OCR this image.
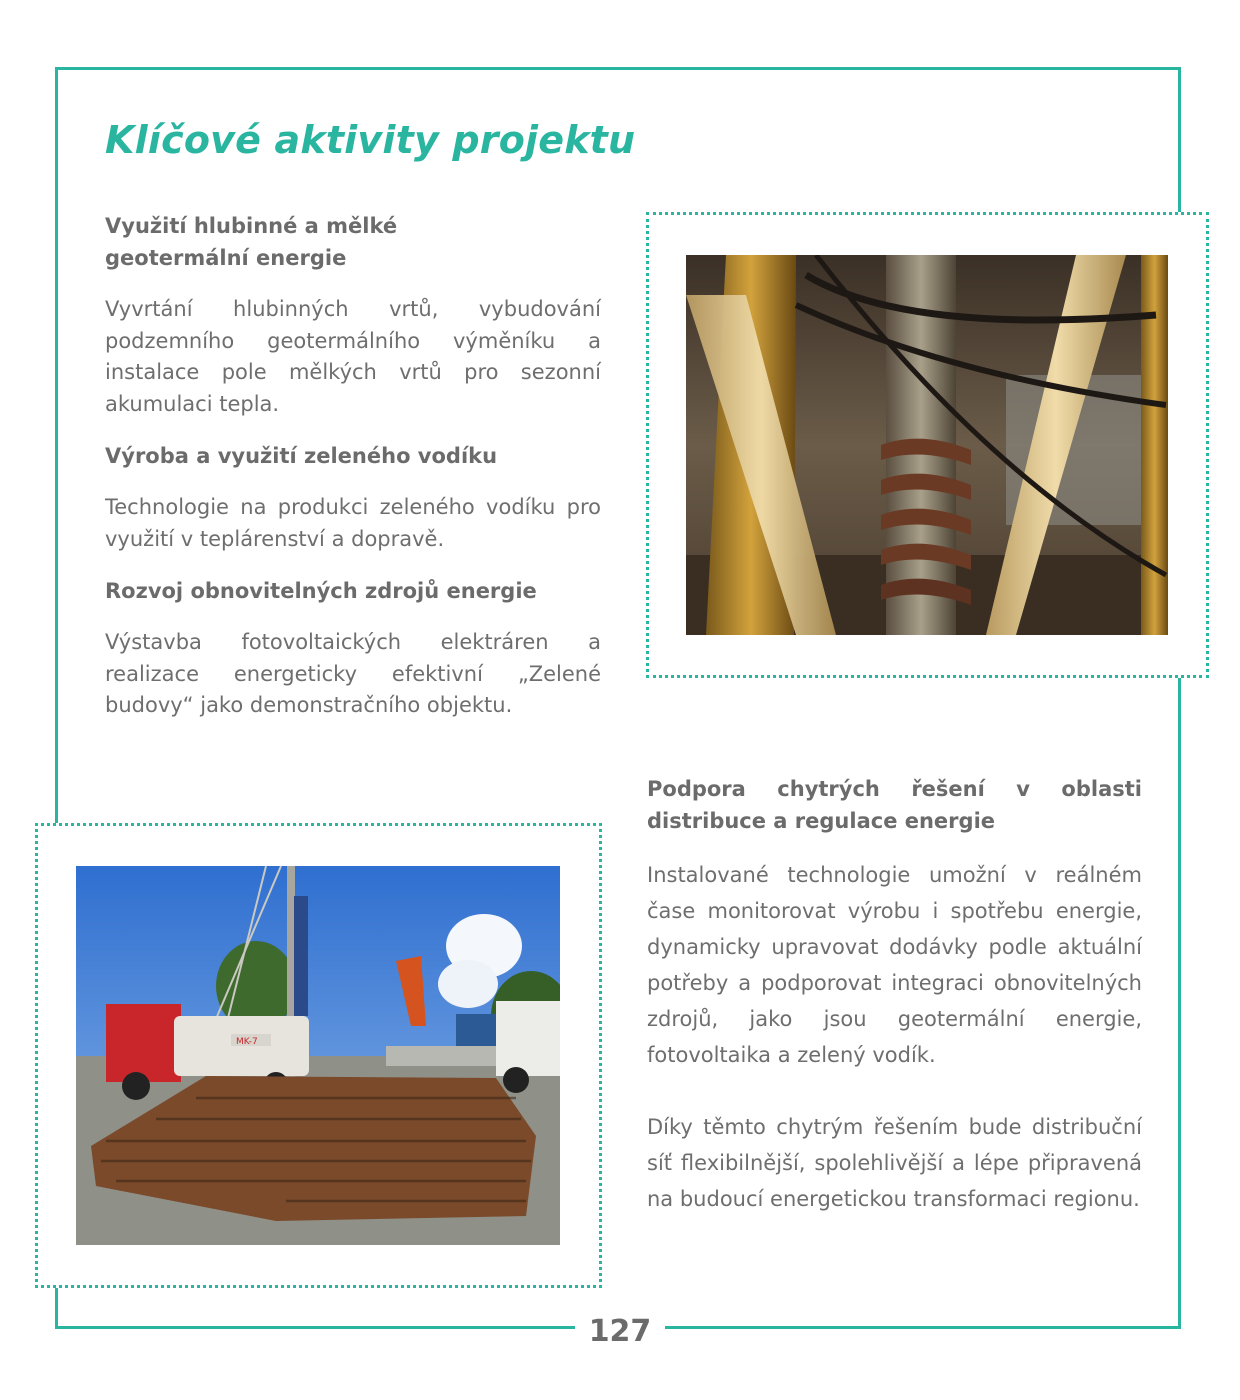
Klíčové aktivity projektu
Využití hlubinné a mělké
geotermální energie

Vyvrtání hlubinných vrtů, vybudování podzemního geotermálního výměníku a instalace pole mělkých vrtů pro sezonní akumulaci tepla.

Výroba a využití zeleného vodíku

Technologie na produkci zeleného vodíku pro využití v teplárenství a dopravě.

Rozvoj obnovitelných zdrojů energie

Výstavba fotovoltaických elektráren a realizace energeticky efektivní „Zelené budovy“ jako demonstračního objektu.

MK-7
Podpora chytrých řešení v oblasti distribuce a regulace energie

Instalované technologie umožní v reálném čase monitorovat výrobu i spotřebu energie, dynamicky upravovat dodávky podle aktuální potřeby a podporovat integraci obnovitelných zdrojů, jako jsou geotermální energie, fotovoltaika a zelený vodík.

Díky těmto chytrým řešením bude distribuční síť flexibilnější, spolehlivější a lépe připravená na budoucí energetickou transformaci regionu.

127
